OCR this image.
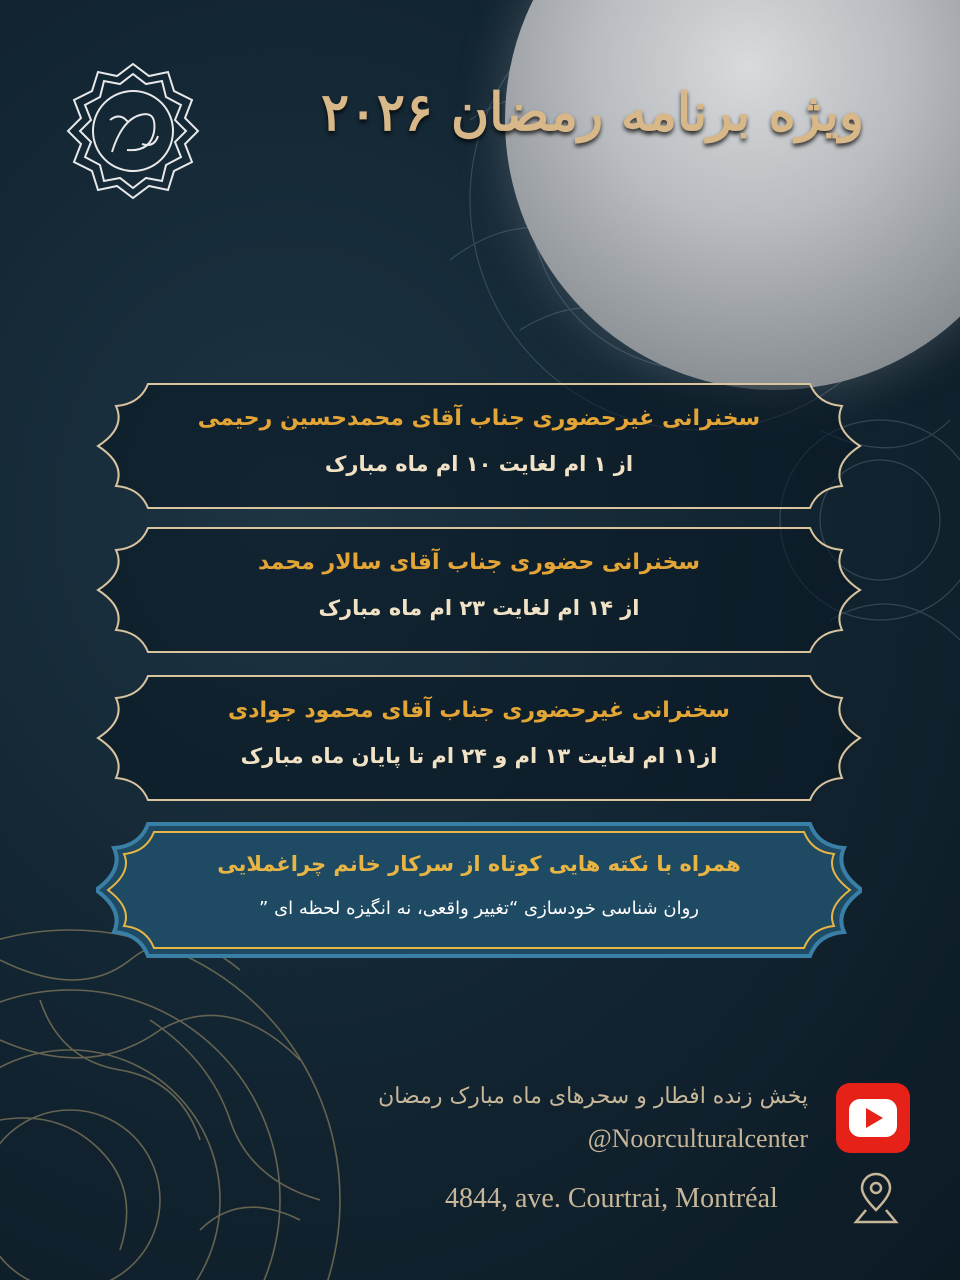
ویژه برنامه رمضان ۲۰۲۶
سخنرانی غیرحضوری جناب آقای محمدحسین رحیمی
از ۱ ام لغایت ۱۰ ام ماه مبارک
سخنرانی حضوری جناب آقای سالار محمد
از ۱۴ ام لغایت ۲۳ ام ماه مبارک
سخنرانی غیرحضوری جناب آقای محمود جوادی
از۱۱ ام لغایت ۱۳ ام و ۲۴ ام تا پایان ماه مبارک
همراه با نکته هایی کوتاه از سرکار خانم چراغملایی
روان شناسی خودسازی “تغییر واقعی، نه انگیزه لحظه ای ”
پخش زنده افطار و سحرهای ماه مبارک رمضان
@Noorculturalcenter
4844, ave. Courtrai, Montréal
